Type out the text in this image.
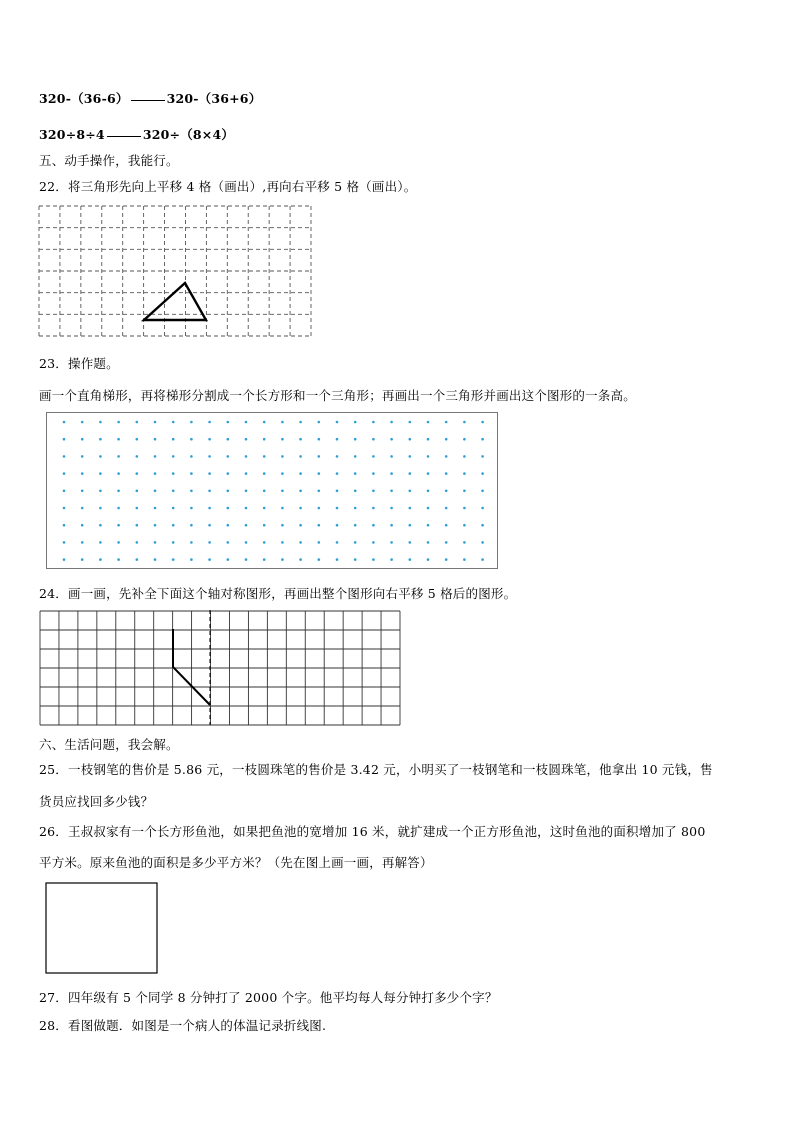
320-（36-6）	320-（36+6）
320÷8÷4	320÷（8×4）
五、动手操作，我能行。
22．将三角形先向上平移 4 格（画出）,再向右平移 5 格（画出）。
23．操作题。
画一个直角梯形，再将梯形分割成一个长方形和一个三角形；再画出一个三角形并画出这个图形的一条高。
24．画一画，先补全下面这个轴对称图形，再画出整个图形向右平移 5 格后的图形。
六、生活问题，我会解。
25．一枝钢笔的售价是 5.86 元，一枝圆珠笔的售价是 3.42 元，小明买了一枝钢笔和一枝圆珠笔，他拿出 10 元钱，售
货员应找回多少钱？
26．王叔叔家有一个长方形鱼池，如果把鱼池的宽增加 16 米，就扩建成一个正方形鱼池，这时鱼池的面积增加了 800
平方米。原来鱼池的面积是多少平方米？（先在图上画一画，再解答）
27．四年级有 5 个同学 8 分钟打了 2000 个字。他平均每人每分钟打多少个字？
28．看图做题．如图是一个病人的体温记录折线图.
